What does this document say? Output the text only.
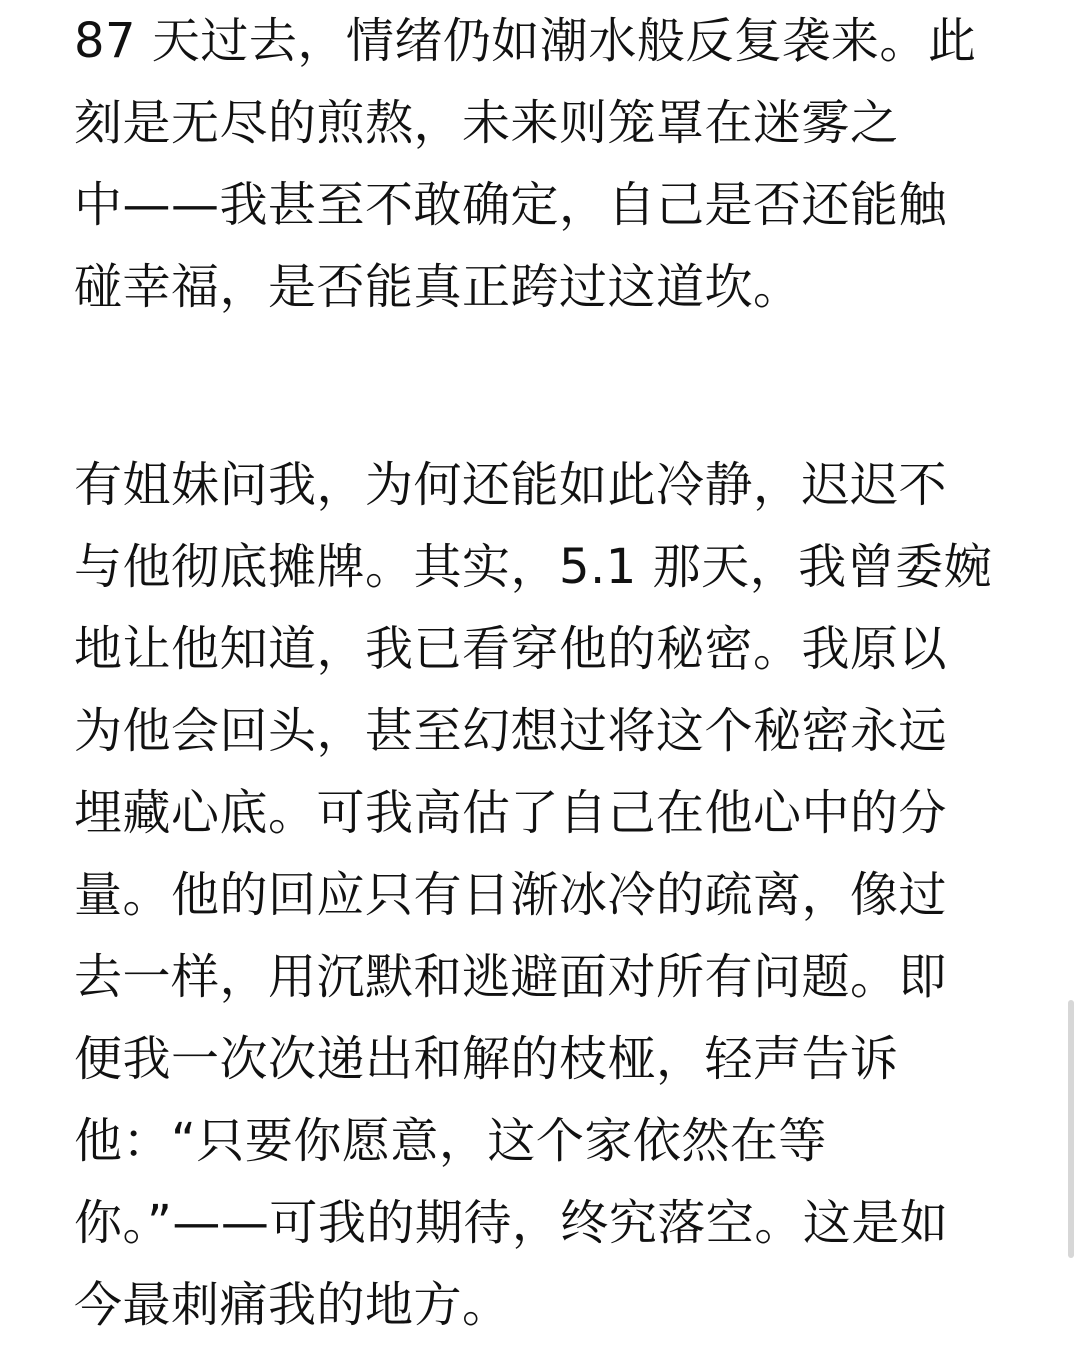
87 天过去，情绪仍如潮水般反复袭来。此
刻是无尽的煎熬，未来则笼罩在迷雾之
中——我甚至不敢确定，自己是否还能触
碰幸福，是否能真正跨过这道坎。
有姐妹问我，为何还能如此冷静，迟迟不
与他彻底摊牌。其实，5.1 那天，我曾委婉
地让他知道，我已看穿他的秘密。我原以
为他会回头，甚至幻想过将这个秘密永远
埋藏心底。可我高估了自己在他心中的分
量。他的回应只有日渐冰冷的疏离，像过
去一样，用沉默和逃避面对所有问题。即
便我一次次递出和解的枝桠，轻声告诉
他：“只要你愿意，这个家依然在等
你。”——可我的期待，终究落空。这是如
今最刺痛我的地方。
